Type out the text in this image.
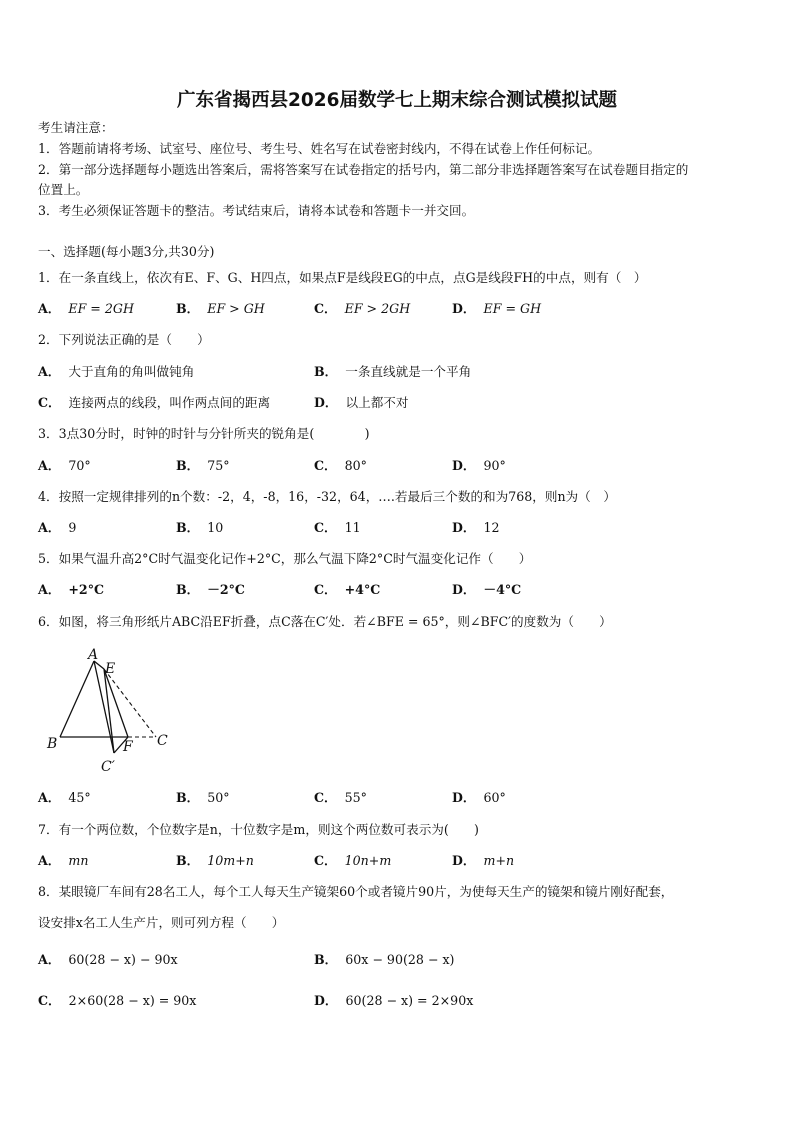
广东省揭西县2026届数学七上期末综合测试模拟试题
考生请注意：
1．答题前请将考场、试室号、座位号、考生号、姓名写在试卷密封线内，不得在试卷上作任何标记。
2．第一部分选择题每小题选出答案后，需将答案写在试卷指定的括号内，第二部分非选择题答案写在试卷题目指定的
位置上。
3．考生必须保证答题卡的整洁。考试结束后，请将本试卷和答题卡一并交回。
一、选择题(每小题3分,共30分)
1．在一条直线上，依次有E、F、G、H四点，如果点F是线段EG的中点，点G是线段FH的中点，则有（　）
A． EF = 2GH	B． EF > GH	C． EF > 2GH	D． EF = GH
2．下列说法正确的是（　　）
A． 大于直角的角叫做钝角	B． 一条直线就是一个平角
C． 连接两点的线段，叫作两点间的距离	D． 以上都不对
3．3点30分时，时钟的时针与分针所夹的锐角是(　　　　)
A． 70°	B． 75°	C． 80°	D． 90°
4．按照一定规律排列的n个数：-2，4，-8，16，-32，64，….若最后三个数的和为768，则n为（　）
A． 9	B． 10	C． 11	D． 12
5．如果气温升高2°C时气温变化记作+2°C，那么气温下降2°C时气温变化记作（　　）
A． +2°C	B． －2°C	C． +4°C	D． －4°C
6．如图，将三角形纸片ABC沿EF折叠，点C落在C′处．若∠BFE = 65°，则∠BFC′的度数为（　　）
A
E
B	F C
C′
A． 45°	B． 50°	C． 55°	D． 60°
7．有一个两位数，个位数字是n，十位数字是m，则这个两位数可表示为(　　)
A． mn	B． 10m+n	C． 10n+m	D． m+n
8．某眼镜厂车间有28名工人，每个工人每天生产镜架60个或者镜片90片，为使每天生产的镜架和镜片刚好配套，
设安排x名工人生产片，则可列方程（　　）
A． 60(28 − x) − 90x	B． 60x − 90(28 − x)
C． 2×60(28 − x) = 90x	D． 60(28 − x) = 2×90x
